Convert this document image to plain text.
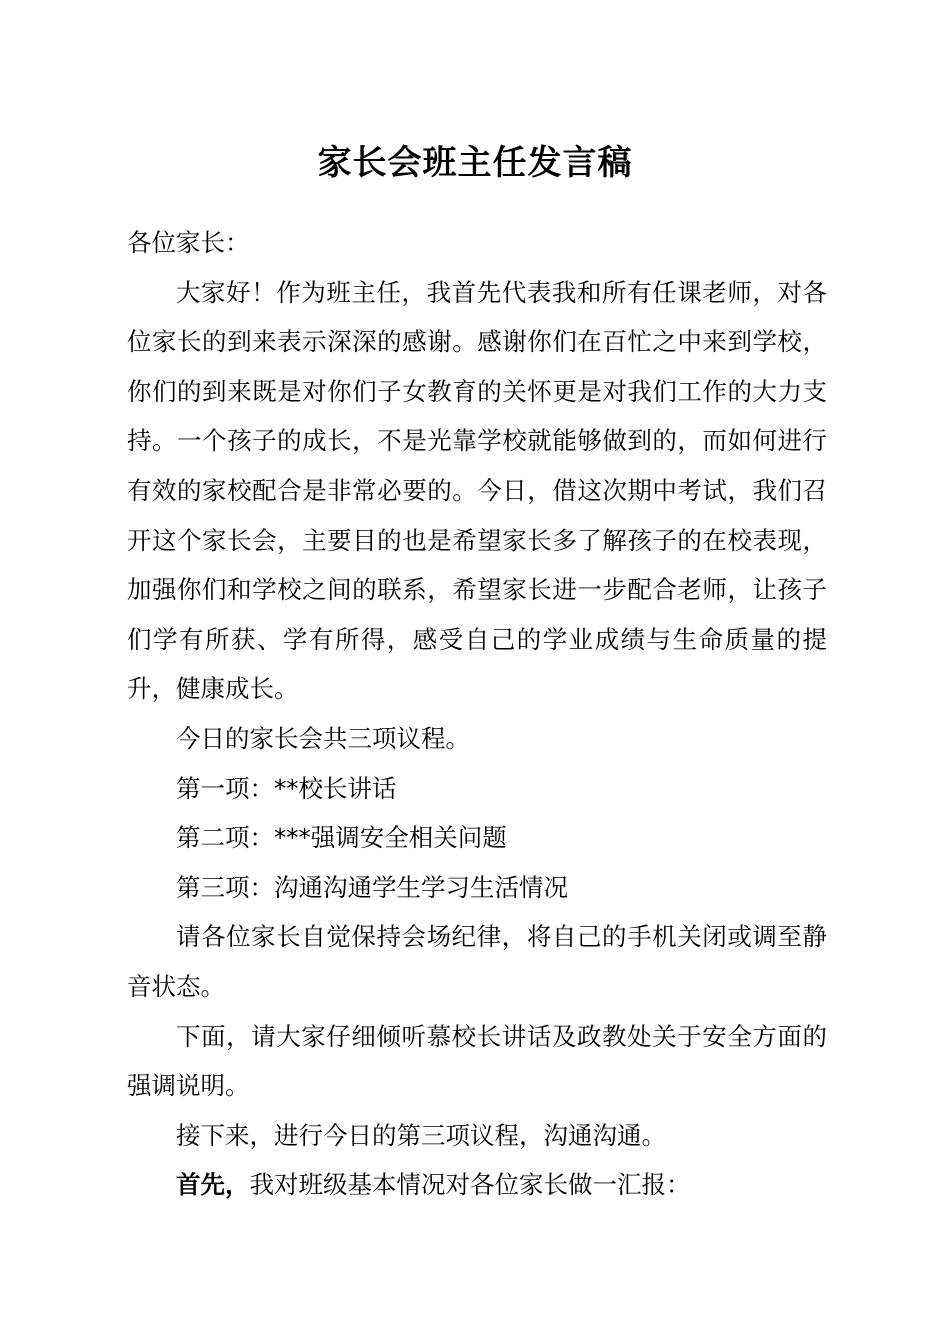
家长会班主任发言稿

各位家长：

大家好！作为班主任，我首先代表我和所有任课老师，对各位家长的到来表示深深的感谢。感谢你们在百忙之中来到学校，你们的到来既是对你们子女教育的关怀更是对我们工作的大力支持。一个孩子的成长，不是光靠学校就能够做到的，而如何进行有效的家校配合是非常必要的。今日，借这次期中考试，我们召开这个家长会，主要目的也是希望家长多了解孩子的在校表现，加强你们和学校之间的联系，希望家长进一步配合老师，让孩子们学有所获、学有所得，感受自己的学业成绩与生命质量的提升，健康成长。

今日的家长会共三项议程。

第一项：**校长讲话

第二项：***强调安全相关问题

第三项：沟通沟通学生学习生活情况

请各位家长自觉保持会场纪律，将自己的手机关闭或调至静音状态。

下面，请大家仔细倾听慕校长讲话及政教处关于安全方面的强调说明。

接下来，进行今日的第三项议程，沟通沟通。

首先，我对班级基本情况对各位家长做一汇报：
